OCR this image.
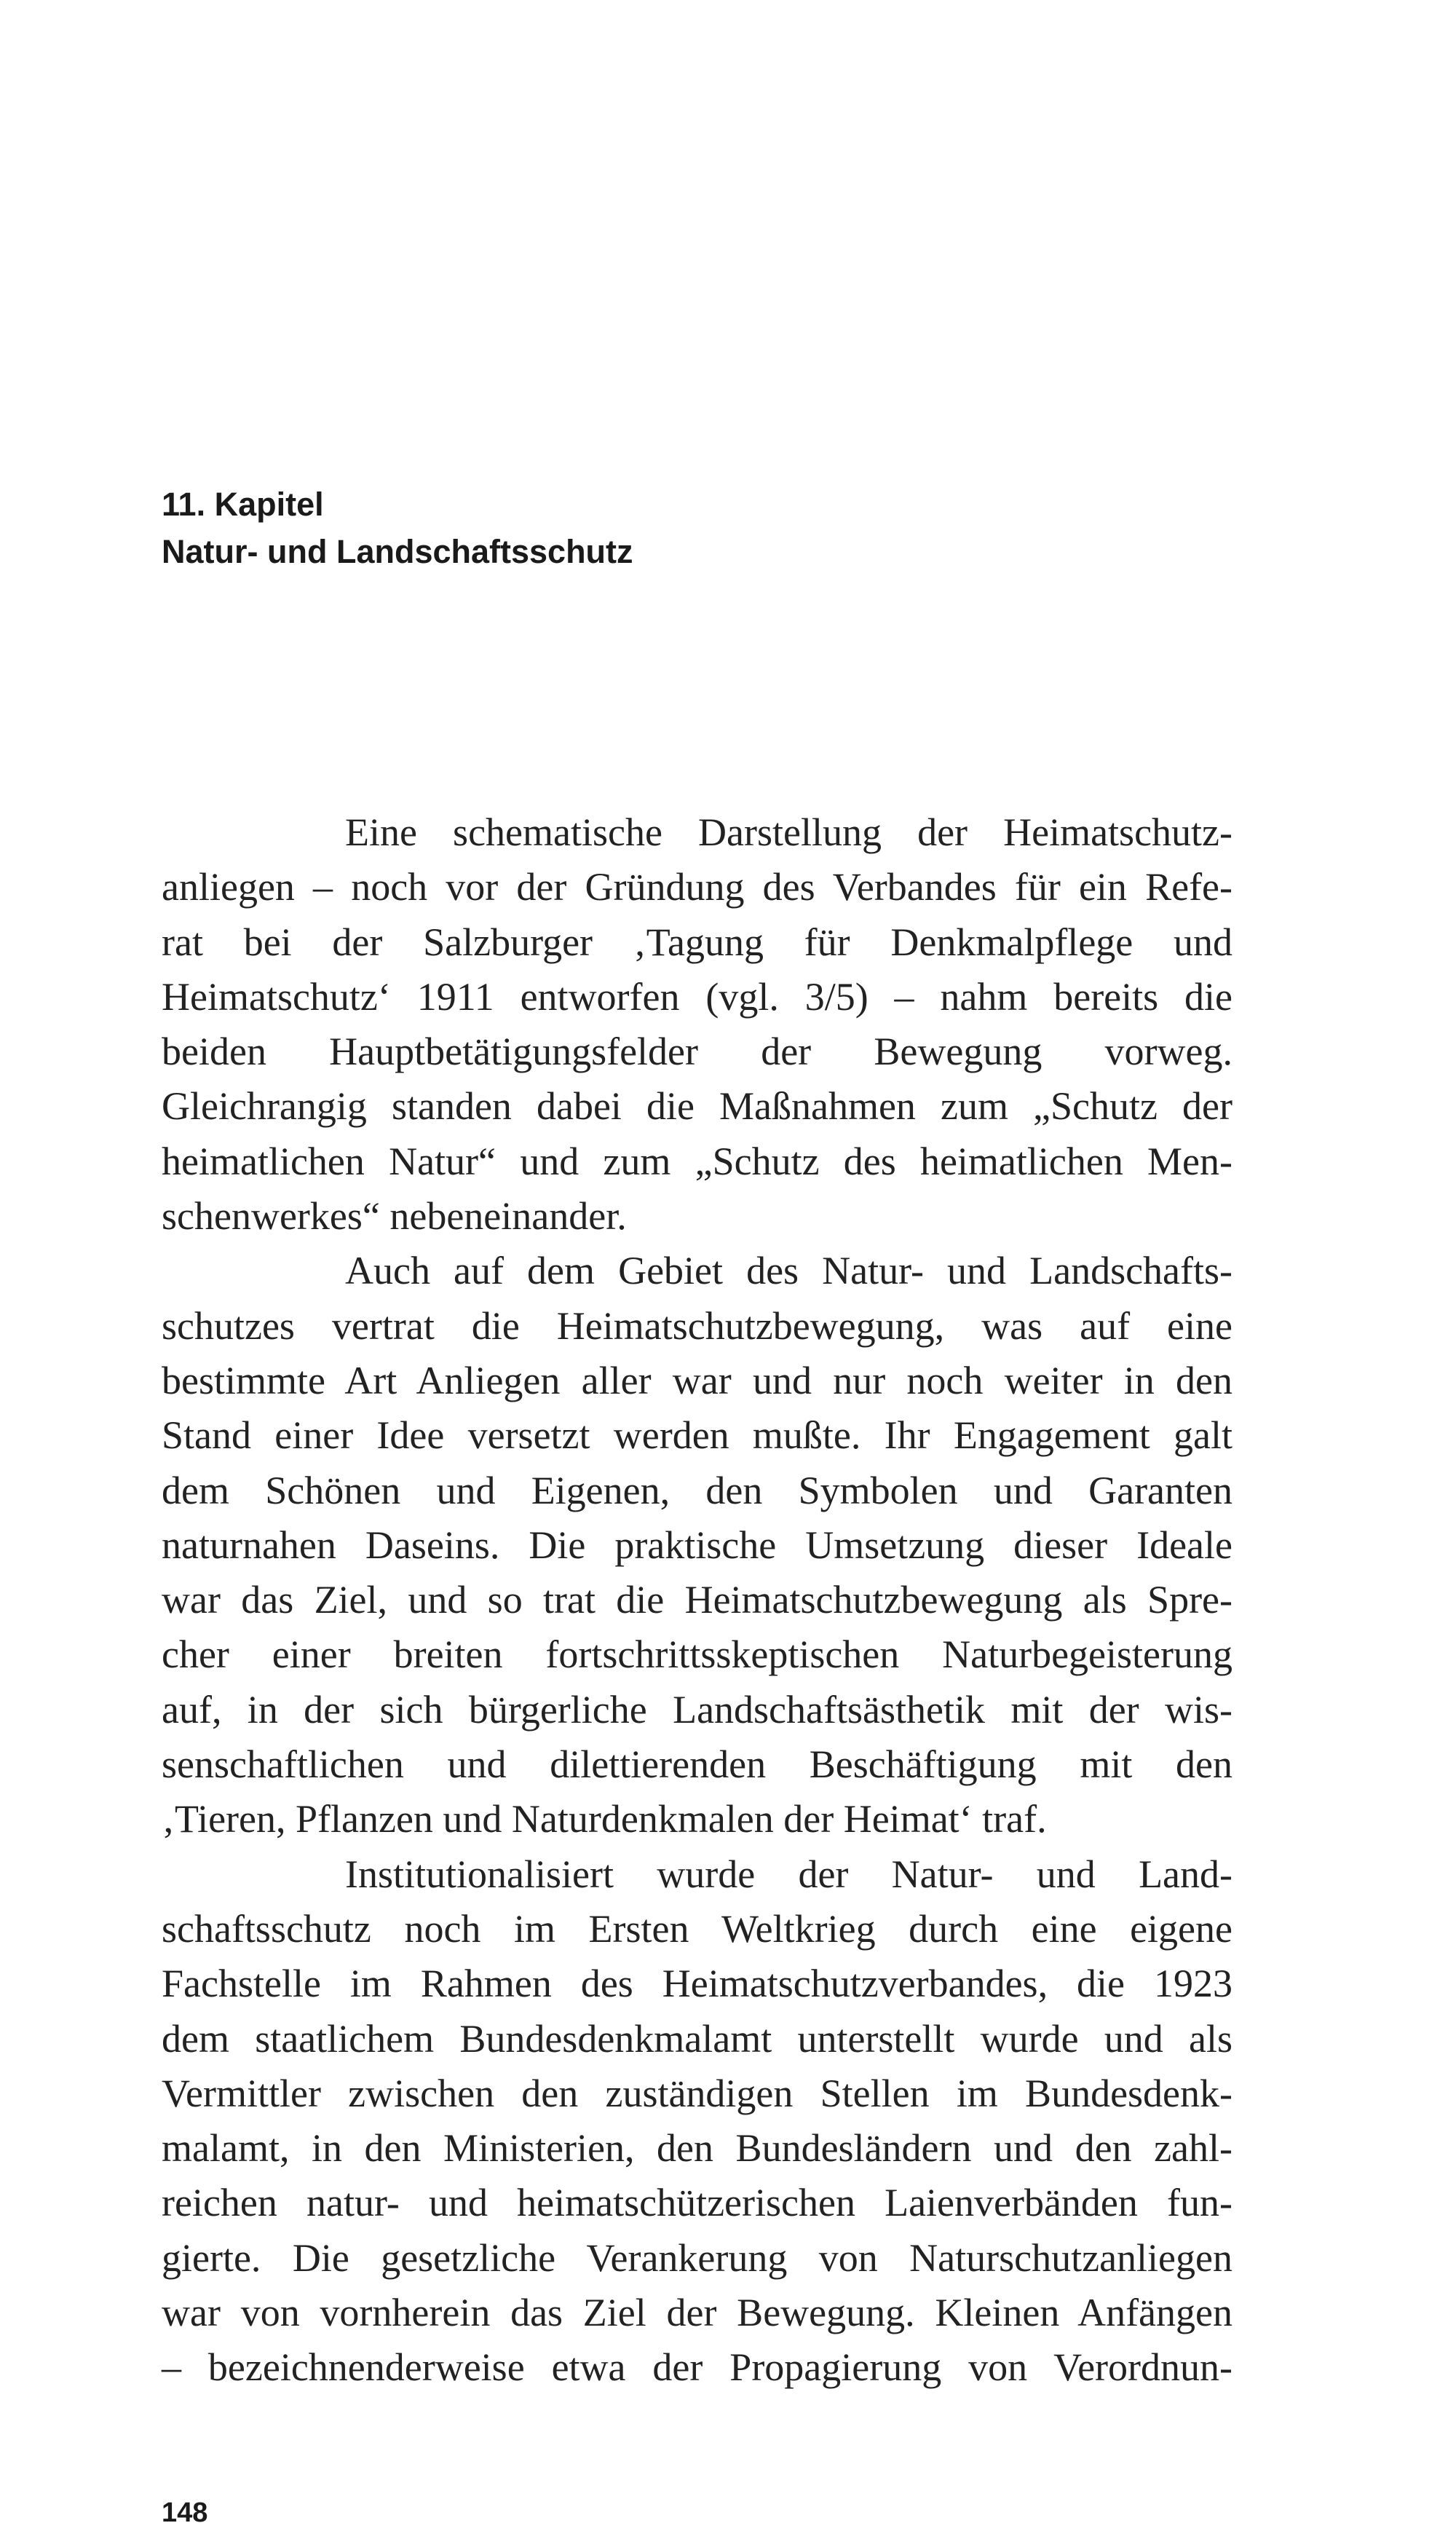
11. Kapitel
Natur- und Landschaftsschutz
Eine schematische Darstellung der Heimatschutz-
anliegen – noch vor der Gründung des Verbandes für ein Refe-
rat bei der Salzburger ‚Tagung für Denkmalpflege und
Heimatschutz‘ 1911 entworfen (vgl. 3/5) – nahm bereits die
beiden Hauptbetätigungsfelder der Bewegung vorweg.
Gleichrangig standen dabei die Maßnahmen zum „Schutz der
heimatlichen Natur“ und zum „Schutz des heimatlichen Men-
schenwerkes“ nebeneinander.
Auch auf dem Gebiet des Natur- und Landschafts-
schutzes vertrat die Heimatschutzbewegung, was auf eine
bestimmte Art Anliegen aller war und nur noch weiter in den
Stand einer Idee versetzt werden mußte. Ihr Engagement galt
dem Schönen und Eigenen, den Symbolen und Garanten
naturnahen Daseins. Die praktische Umsetzung dieser Ideale
war das Ziel, und so trat die Heimatschutzbewegung als Spre-
cher einer breiten fortschrittsskeptischen Naturbegeisterung
auf, in der sich bürgerliche Landschaftsästhetik mit der wis-
senschaftlichen und dilettierenden Beschäftigung mit den
‚Tieren, Pflanzen und Naturdenkmalen der Heimat‘ traf.
Institutionalisiert wurde der Natur- und Land-
schaftsschutz noch im Ersten Weltkrieg durch eine eigene
Fachstelle im Rahmen des Heimatschutzverbandes, die 1923
dem staatlichem Bundesdenkmalamt unterstellt wurde und als
Vermittler zwischen den zuständigen Stellen im Bundesdenk-
malamt, in den Ministerien, den Bundesländern und den zahl-
reichen natur- und heimatschützerischen Laienverbänden fun-
gierte. Die gesetzliche Verankerung von Naturschutzanliegen
war von vornherein das Ziel der Bewegung. Kleinen Anfängen
– bezeichnenderweise etwa der Propagierung von Verordnun-
148
